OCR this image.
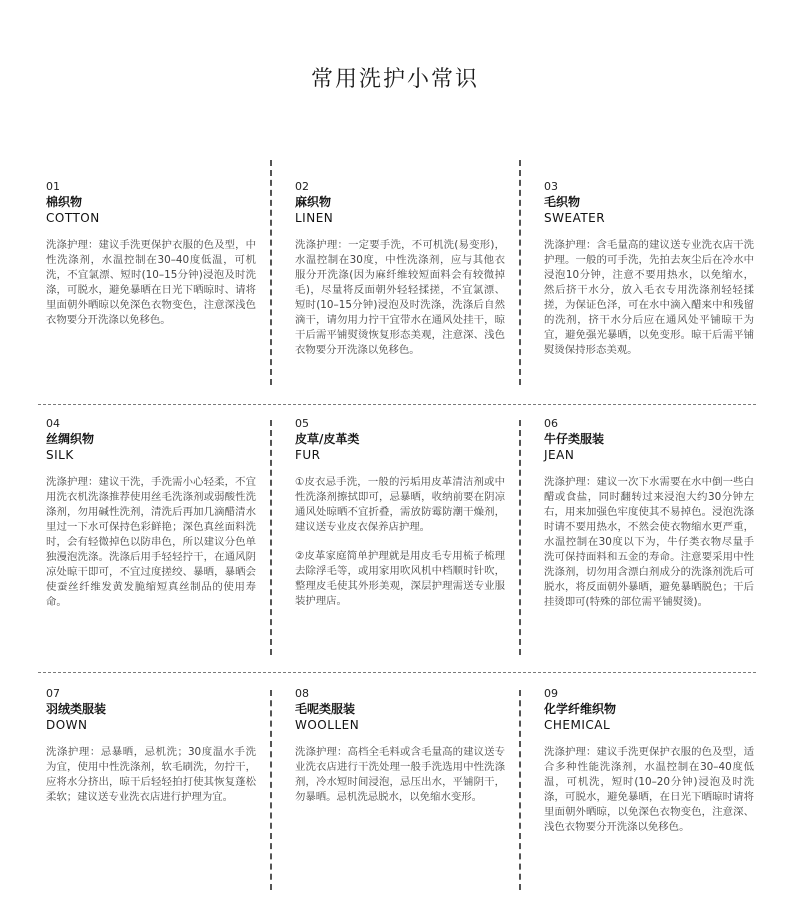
常用洗护小常识
01
棉织物
COTTON

洗涤护理：建议手洗更保护衣服的色及型，中性洗涤剂，水温控制在30–40度低温，可机洗，不宜氯漂、短时(10–15分钟)浸泡及时洗涤，可脱水，避免暴晒在日光下晒晾时、请将里面朝外晒晾以免深色衣物变色，注意深浅色衣物要分开洗涤以免移色。

02
麻织物
LINEN

洗涤护理：一定要手洗，不可机洗(易变形)，水温控制在30度，中性洗涤剂，应与其他衣服分开洗涤(因为麻纤维较短面料会有较微掉毛)，尽量将反面朝外轻轻揉搓，不宜氯漂、短时(10–15分钟)浸泡及时洗涤，洗涤后自然滴干，请勿用力拧干宜带水在通风处挂干，晾干后需平铺熨烫恢复形态美观，注意深、浅色衣物要分开洗涤以免移色。

03
毛织物
SWEATER

洗涤护理：含毛量高的建议送专业洗衣店干洗护理。一般的可手洗，先拍去灰尘后在冷水中浸泡10分钟，注意不要用热水，以免缩水，然后挤干水分，放入毛衣专用洗涤剂轻轻揉搓，为保证色泽，可在水中滴入醋来中和残留的洗剂，挤干水分后应在通风处平铺晾干为宜，避免强光暴晒，以免变形。晾干后需平铺熨烫保持形态美观。

04
丝绸织物
SILK

洗涤护理：建议干洗，手洗需小心轻柔，不宜用洗衣机洗涤推荐使用丝毛洗涤剂或弱酸性洗涤剂，勿用碱性洗剂，清洗后再加几滴醋清水里过一下水可保持色彩鲜艳；深色真丝面料洗时，会有轻微掉色以防串色，所以建议分色单独漫泡洗涤。洗涤后用手轻轻拧干，在通风阴凉处晾干即可，不宜过度搓绞、暴晒，暴晒会使蚕丝纤维发黄发脆缩短真丝制品的使用寿命。

05
皮草/皮革类
FUR

①皮衣忌手洗，一般的污垢用皮革清洁剂或中性洗涤剂擦拭即可，忌暴晒，收纳前要在阴凉通风处晾晒不宜折叠，需放防霉防潮干燥剂，建议送专业皮衣保养店护理。

②皮革家庭简单护理就是用皮毛专用梳子梳理去除浮毛等，或用家用吹风机中档顺时针吹，整理皮毛使其外形美观，深层护理需送专业服装护理店。

06
牛仔类服装
JEAN

洗涤护理：建议一次下水需要在水中倒一些白醋或食盐，同时翻转过来浸泡大约30分钟左右，用来加强色牢度使其不易掉色。浸泡洗涤时请不要用热水，不然会使衣物缩水更严重，水温控制在30度以下为，牛仔类衣物尽量手洗可保持面料和五金的寿命。注意要采用中性洗涤剂，切勿用含漂白剂成分的洗涤剂洗后可脱水，将反面朝外暴晒，避免暴晒脱色；干后挂烫即可(特殊的部位需平铺熨烫)。

07
羽绒类服装
DOWN

洗涤护理：忌暴晒，忌机洗；30度温水手洗为宜，使用中性洗涤剂，软毛刷洗，勿拧干，应将水分挤出，晾干后轻轻拍打使其恢复蓬松柔软；建议送专业洗衣店进行护理为宜。

08
毛呢类服装
WOOLLEN

洗涤护理：高档全毛料或含毛量高的建议送专业洗衣店进行干洗处理一般手洗选用中性洗涤剂，冷水短时间浸泡，忌压出水，平铺阴干，勿暴晒。忌机洗忌脱水，以免缩水变形。

09
化学纤维织物
CHEMICAL

洗涤护理：建议手洗更保护衣服的色及型，适合多种性能洗涤剂，水温控制在30–40度低温，可机洗，短时(10–20分钟)浸泡及时洗涤，可脱水，避免暴晒，在日光下晒晾时请将里面朝外晒晾，以免深色衣物变色，注意深、浅色衣物要分开洗涤以免移色。
